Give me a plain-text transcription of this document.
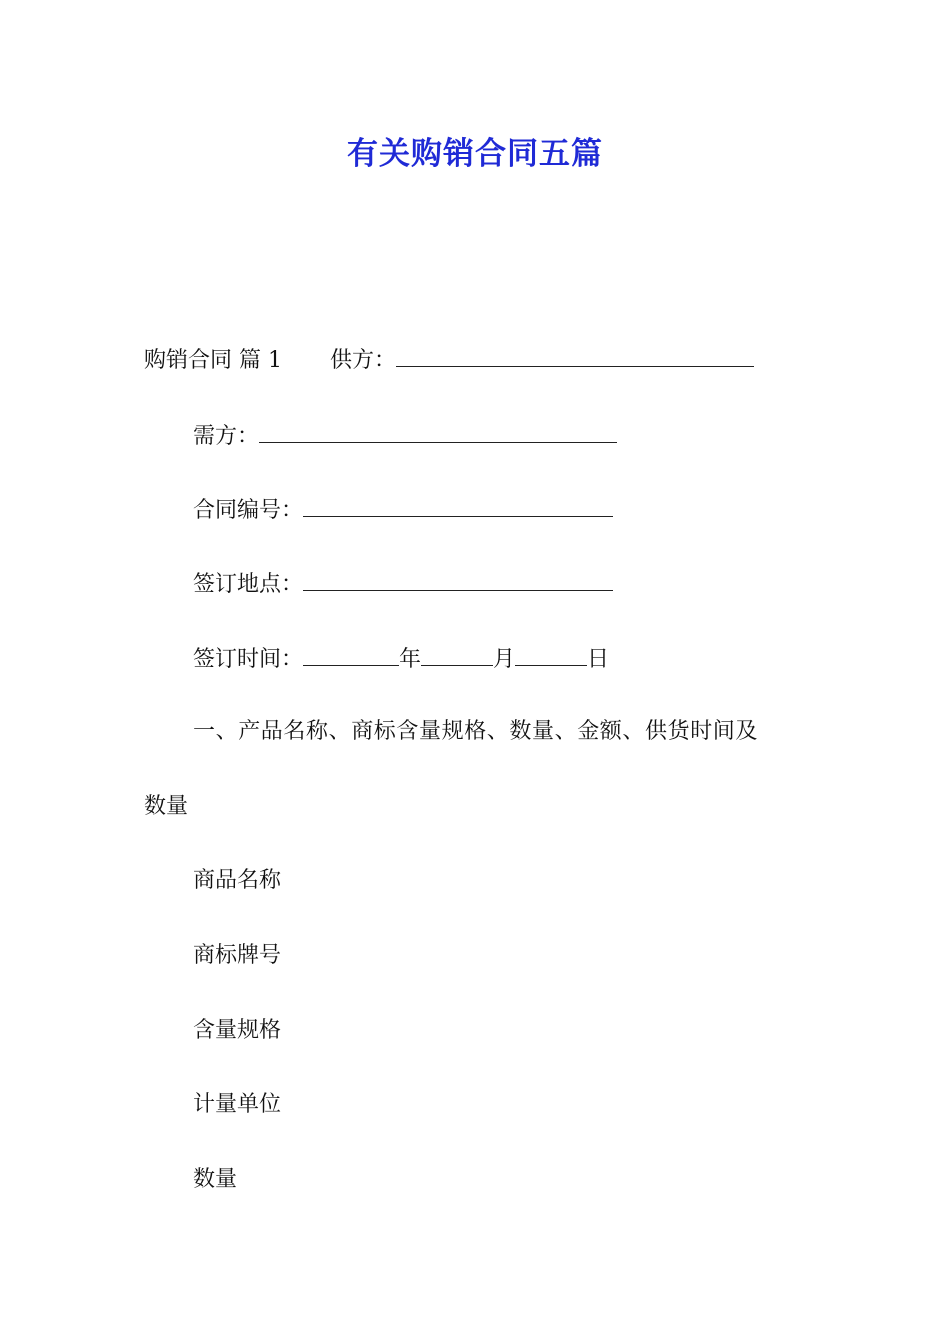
有关购销合同五篇
购销合同 篇 1 供方：
需方：
合同编号：
签订地点：
签订时间：	年	月	日
一、产品名称、商标含量规格、数量、金额、供货时间及
数量
商品名称
商标牌号
含量规格
计量单位
数量
